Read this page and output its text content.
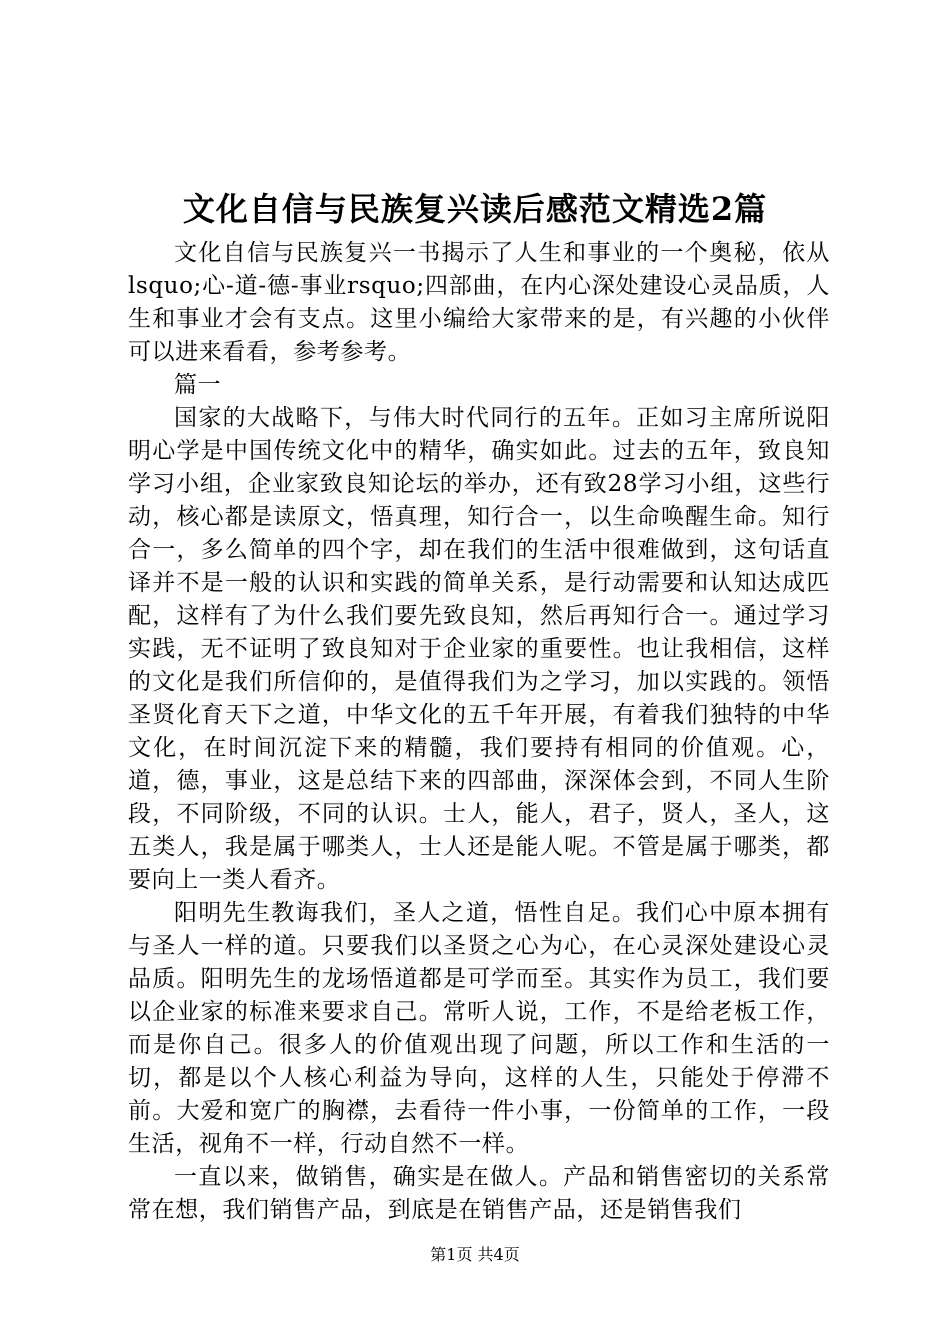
文化自信与民族复兴读后感范文精选2篇

文化自信与民族复兴一书揭示了人生和事业的一个奥秘，依从lsquo;心-道-德-事业rsquo;四部曲，在内心深处建设心灵品质，人生和事业才会有支点。这里小编给大家带来的是，有兴趣的小伙伴可以进来看看，参考参考。

篇一

国家的大战略下，与伟大时代同行的五年。正如习主席所说阳明心学是中国传统文化中的精华，确实如此。过去的五年，致良知学习小组，企业家致良知论坛的举办，还有致28学习小组，这些行动，核心都是读原文，悟真理，知行合一，以生命唤醒生命。知行合一，多么简单的四个字，却在我们的生活中很难做到，这句话直译并不是一般的认识和实践的简单关系，是行动需要和认知达成匹配，这样有了为什么我们要先致良知，然后再知行合一。通过学习实践，无不证明了致良知对于企业家的重要性。也让我相信，这样的文化是我们所信仰的，是值得我们为之学习，加以实践的。领悟圣贤化育天下之道，中华文化的五千年开展，有着我们独特的中华文化，在时间沉淀下来的精髓，我们要持有相同的价值观。心，道，德，事业，这是总结下来的四部曲，深深体会到，不同人生阶段，不同阶级，不同的认识。士人，能人，君子，贤人，圣人，这五类人，我是属于哪类人，士人还是能人呢。不管是属于哪类，都要向上一类人看齐。

阳明先生教诲我们，圣人之道，悟性自足。我们心中原本拥有与圣人一样的道。只要我们以圣贤之心为心，在心灵深处建设心灵品质。阳明先生的龙场悟道都是可学而至。其实作为员工，我们要以企业家的标准来要求自己。常听人说，工作，不是给老板工作，而是你自己。很多人的价值观出现了问题，所以工作和生活的一切，都是以个人核心利益为导向，这样的人生，只能处于停滞不前。大爱和宽广的胸襟，去看待一件小事，一份简单的工作，一段生活，视角不一样，行动自然不一样。

一直以来，做销售，确实是在做人。产品和销售密切的关系常常在想，我们销售产品，到底是在销售产品，还是销售我们

第1页 共4页
